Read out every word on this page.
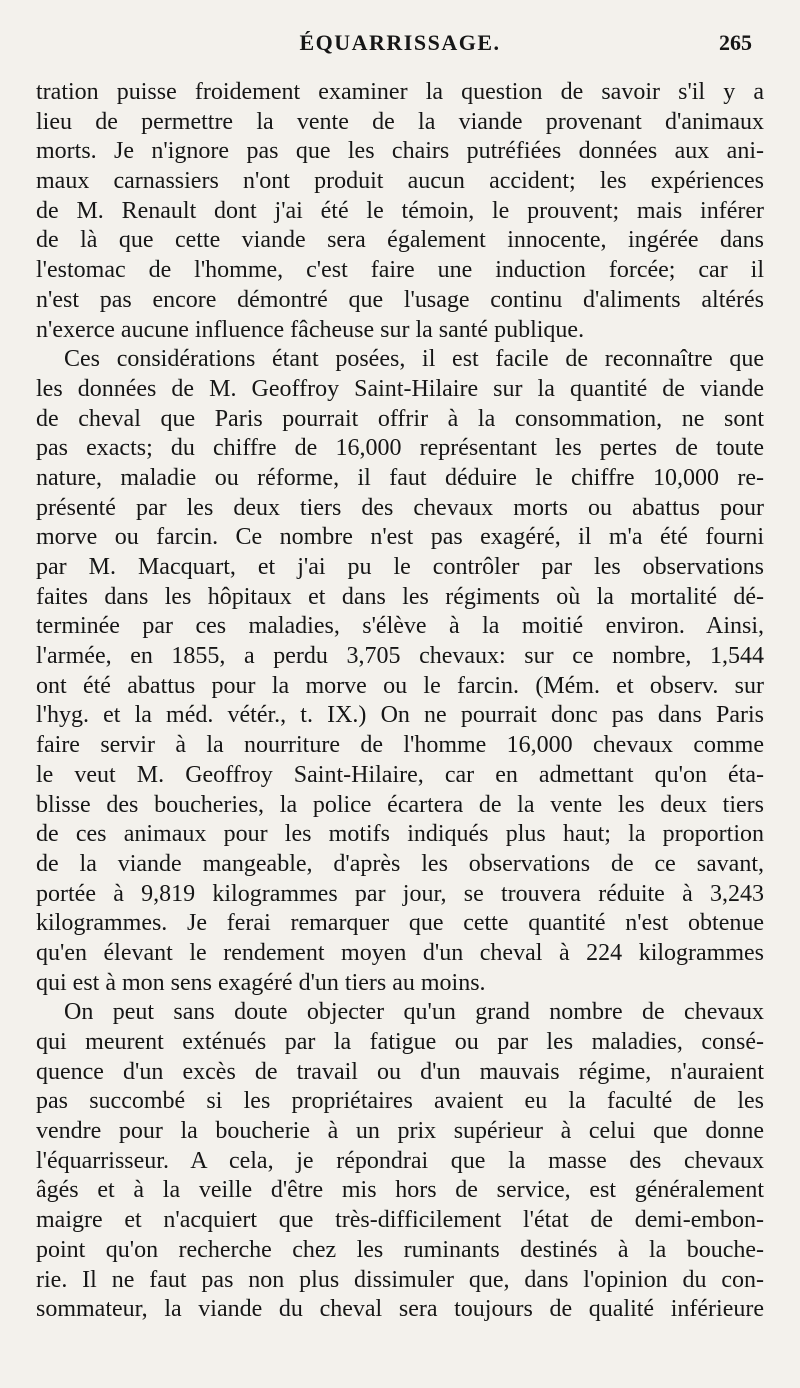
ÉQUARRISSAGE.	265
tration puisse froidement examiner la question de savoir s'il y a
lieu de permettre la vente de la viande provenant d'animaux
morts. Je n'ignore pas que les chairs putréfiées données aux ani-
maux carnassiers n'ont produit aucun accident; les expériences
de M. Renault dont j'ai été le témoin, le prouvent; mais inférer
de là que cette viande sera également innocente, ingérée dans
l'estomac de l'homme, c'est faire une induction forcée; car il
n'est pas encore démontré que l'usage continu d'aliments altérés
n'exerce aucune influence fâcheuse sur la santé publique.
Ces considérations étant posées, il est facile de reconnaître que
les données de M. Geoffroy Saint-Hilaire sur la quantité de viande
de cheval que Paris pourrait offrir à la consommation, ne sont
pas exacts; du chiffre de 16,000 représentant les pertes de toute
nature, maladie ou réforme, il faut déduire le chiffre 10,000 re-
présenté par les deux tiers des chevaux morts ou abattus pour
morve ou farcin. Ce nombre n'est pas exagéré, il m'a été fourni
par M. Macquart, et j'ai pu le contrôler par les observations
faites dans les hôpitaux et dans les régiments où la mortalité dé-
terminée par ces maladies, s'élève à la moitié environ. Ainsi,
l'armée, en 1855, a perdu 3,705 chevaux: sur ce nombre, 1,544
ont été abattus pour la morve ou le farcin. (Mém. et observ. sur
l'hyg. et la méd. vétér., t. IX.) On ne pourrait donc pas dans Paris
faire servir à la nourriture de l'homme 16,000 chevaux comme
le veut M. Geoffroy Saint-Hilaire, car en admettant qu'on éta-
blisse des boucheries, la police écartera de la vente les deux tiers
de ces animaux pour les motifs indiqués plus haut; la proportion
de la viande mangeable, d'après les observations de ce savant,
portée à 9,819 kilogrammes par jour, se trouvera réduite à 3,243
kilogrammes. Je ferai remarquer que cette quantité n'est obtenue
qu'en élevant le rendement moyen d'un cheval à 224 kilogrammes
qui est à mon sens exagéré d'un tiers au moins.
On peut sans doute objecter qu'un grand nombre de chevaux
qui meurent exténués par la fatigue ou par les maladies, consé-
quence d'un excès de travail ou d'un mauvais régime, n'auraient
pas succombé si les propriétaires avaient eu la faculté de les
vendre pour la boucherie à un prix supérieur à celui que donne
l'équarrisseur. A cela, je répondrai que la masse des chevaux
âgés et à la veille d'être mis hors de service, est généralement
maigre et n'acquiert que très-difficilement l'état de demi-embon-
point qu'on recherche chez les ruminants destinés à la bouche-
rie. Il ne faut pas non plus dissimuler que, dans l'opinion du con-
sommateur, la viande du cheval sera toujours de qualité inférieure
